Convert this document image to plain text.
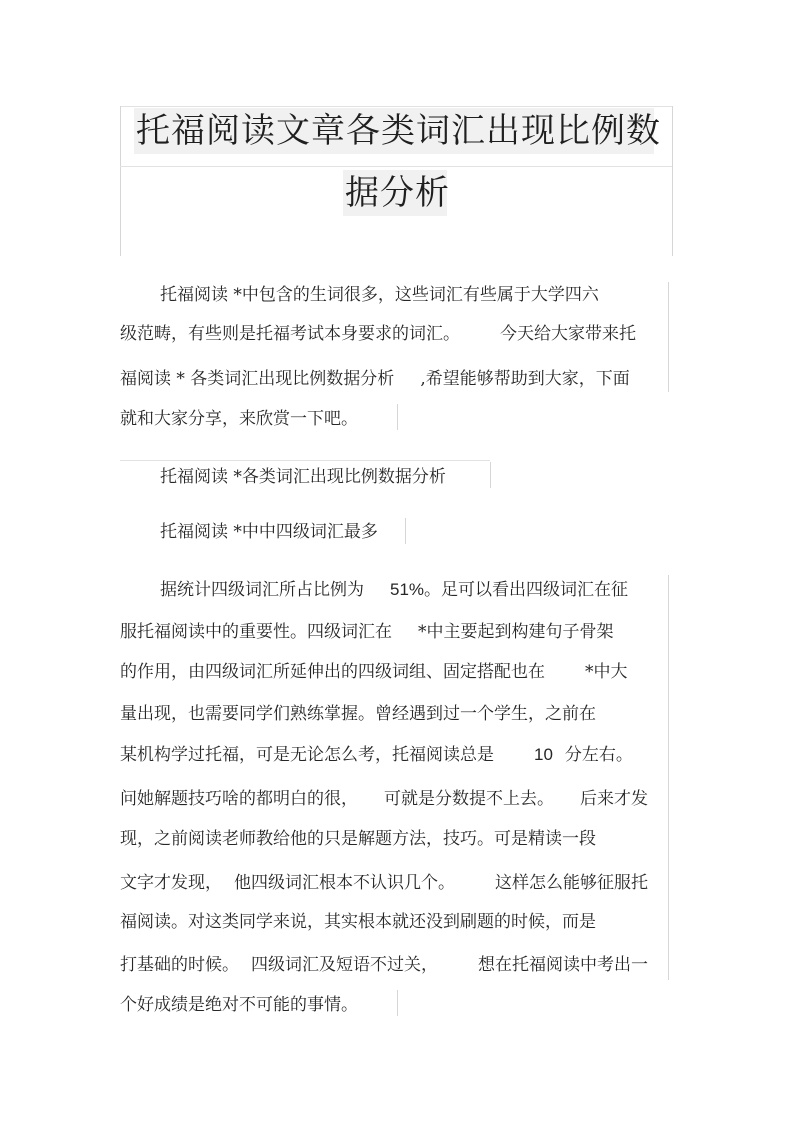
托福阅读文章各类词汇出现比例数
据分析
托福阅读 *中包含的生词很多，这些词汇有些属于大学四六
级范畴，有些则是托福考试本身要求的词汇。 今天给大家带来托
福阅读 * 各类词汇出现比例数据分析 ,希望能够帮助到大家，下面
就和大家分享，来欣赏一下吧。
托福阅读 *各类词汇出现比例数据分析
托福阅读 *中中四级词汇最多
据统计四级词汇所占比例为 51%。足可以看出四级词汇在征
服托福阅读中的重要性。四级词汇在 *中主要起到构建句子骨架
的作用，由四级词汇所延伸出的四级词组、固定搭配也在 *中大
量出现，也需要同学们熟练掌握。曾经遇到过一个学生，之前在
某机构学过托福，可是无论怎么考，托福阅读总是 10 分左右。
问她解题技巧啥的都明白的很， 可就是分数提不上去。 后来才发
现，之前阅读老师教给他的只是解题方法，技巧。可是精读一段
文字才发现， 他四级词汇根本不认识几个。 这样怎么能够征服托
福阅读。对这类同学来说，其实根本就还没到刷题的时候，而是
打基础的时候。 四级词汇及短语不过关， 想在托福阅读中考出一
个好成绩是绝对不可能的事情。
